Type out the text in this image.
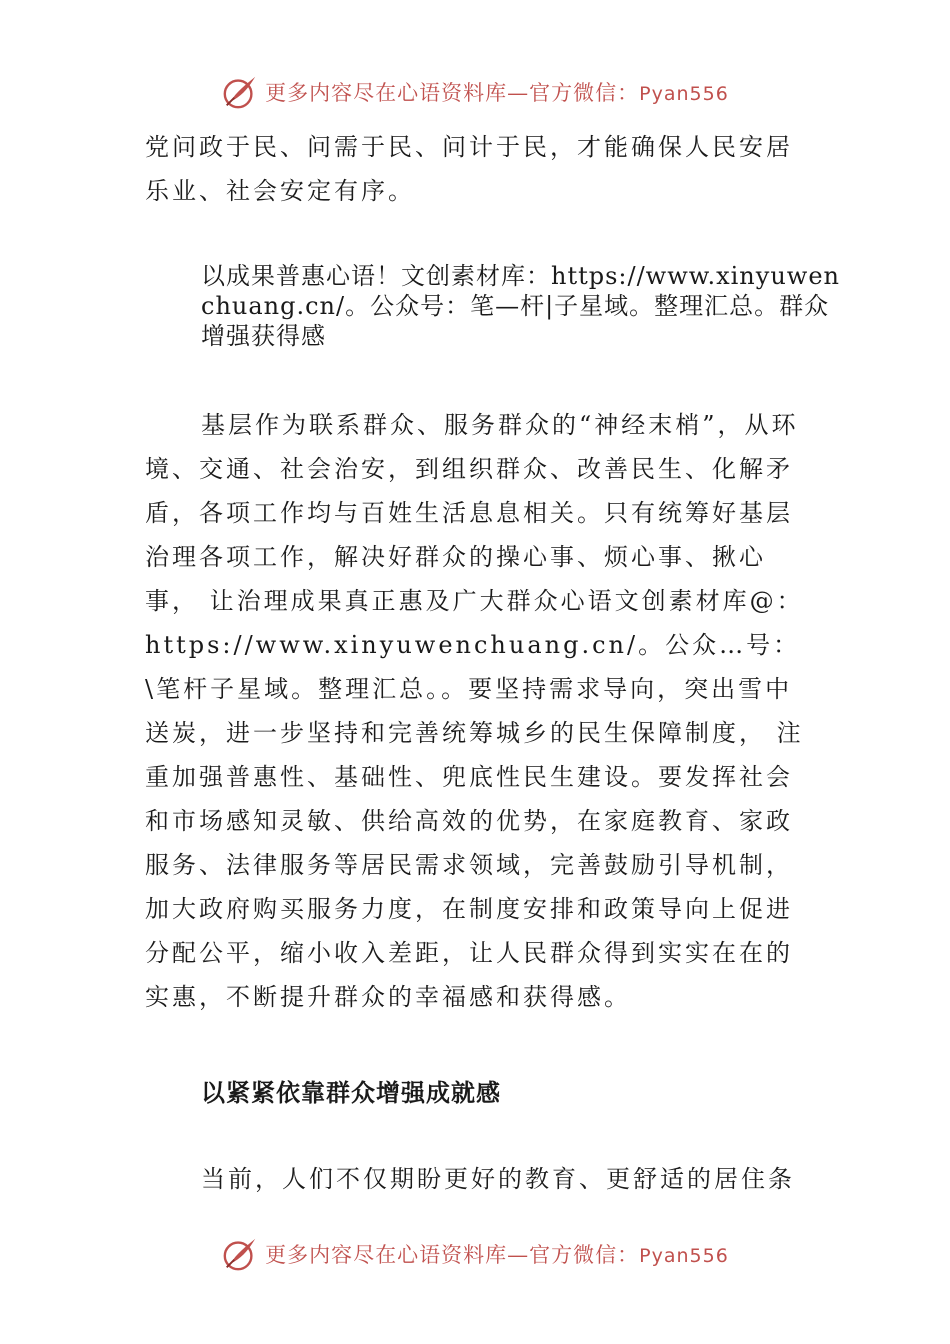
更多内容尽在心语资料库—官方微信：Pyan556

党问政于民、问需于民、问计于民，才能确保人民安居乐业、社会安定有序。

以成果普惠心语！文创素材库：https://www.xinyuwenchuang.cn/。公众号：笔—杆|子星域。整理汇总。群众增强获得感

基层作为联系群众、服务群众的“神经末梢”，从环境、交通、社会治安，到组织群众、改善民生、化解矛盾，各项工作均与百姓生活息息相关。只有统筹好基层治理各项工作，解决好群众的操心事、烦心事、揪心事， 让治理成果真正惠及广大群众心语文创素材库@：https://www.xinyuwenchuang.cn/。公众…号：\笔杆子星域。整理汇总。。要坚持需求导向，突出雪中送炭，进一步坚持和完善统筹城乡的民生保障制度， 注重加强普惠性、基础性、兜底性民生建设。要发挥社会和市场感知灵敏、供给高效的优势，在家庭教育、家政服务、法律服务等居民需求领域，完善鼓励引导机制， 加大政府购买服务力度，在制度安排和政策导向上促进分配公平，缩小收入差距，让人民群众得到实实在在的实惠，不断提升群众的幸福感和获得感。

以紧紧依靠群众增强成就感

当前，人们不仅期盼更好的教育、更舒适的居住条

更多内容尽在心语资料库—官方微信：Pyan556
